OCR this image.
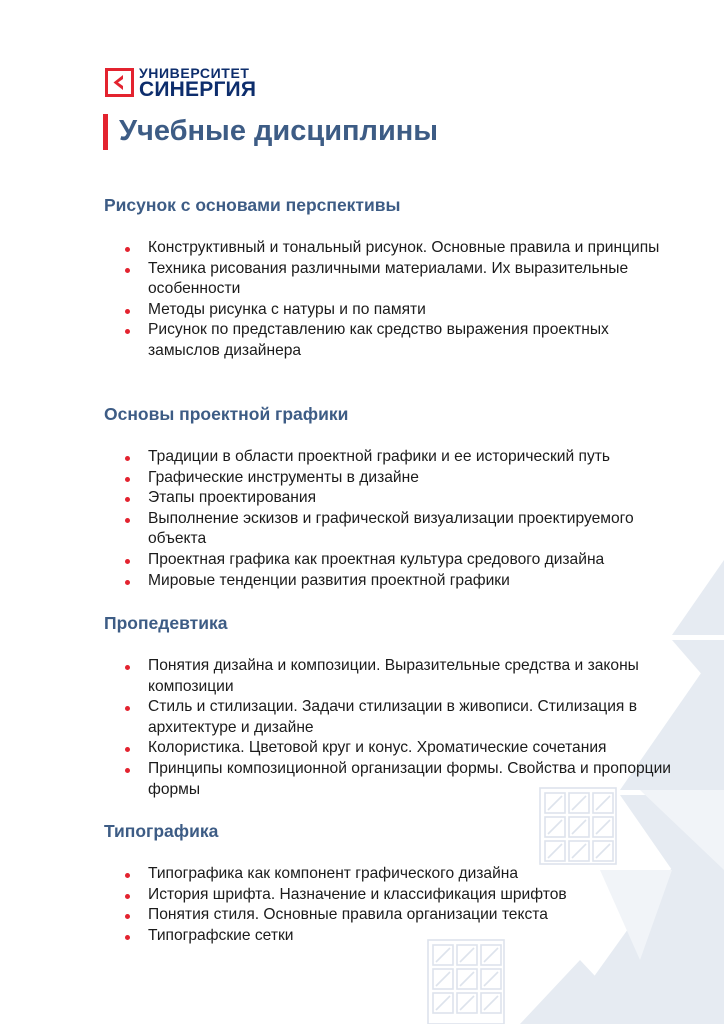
УНИВЕРСИТЕТ
СИНЕРГИЯ
Учебные дисциплины
Рисунок с основами перспективы
Конструктивный и тональный рисунок. Основные правила и принципы
Техника рисования различными материалами. Их выразительные особенности
Методы рисунка с натуры и по памяти
Рисунок по представлению как средство выражения проектных замыслов дизайнера
Основы проектной графики
Традиции в области проектной графики и ее исторический путь
Графические инструменты в дизайне
Этапы проектирования
Выполнение эскизов и графической визуализации проектируемого объекта
Проектная графика как проектная культура средового дизайна
Мировые тенденции развития проектной графики
Пропедевтика
Понятия дизайна и композиции. Выразительные средства и законы композиции
Стиль и стилизации. Задачи стилизации в живописи. Стилизация в архитектуре и дизайне
Колористика. Цветовой круг и конус. Хроматические сочетания
Принципы композиционной организации формы. Свойства и пропорции формы
Типографика
Типографика как компонент графического дизайна
История шрифта. Назначение и классификация шрифтов
Понятия стиля. Основные правила организации текста
Типографские сетки
